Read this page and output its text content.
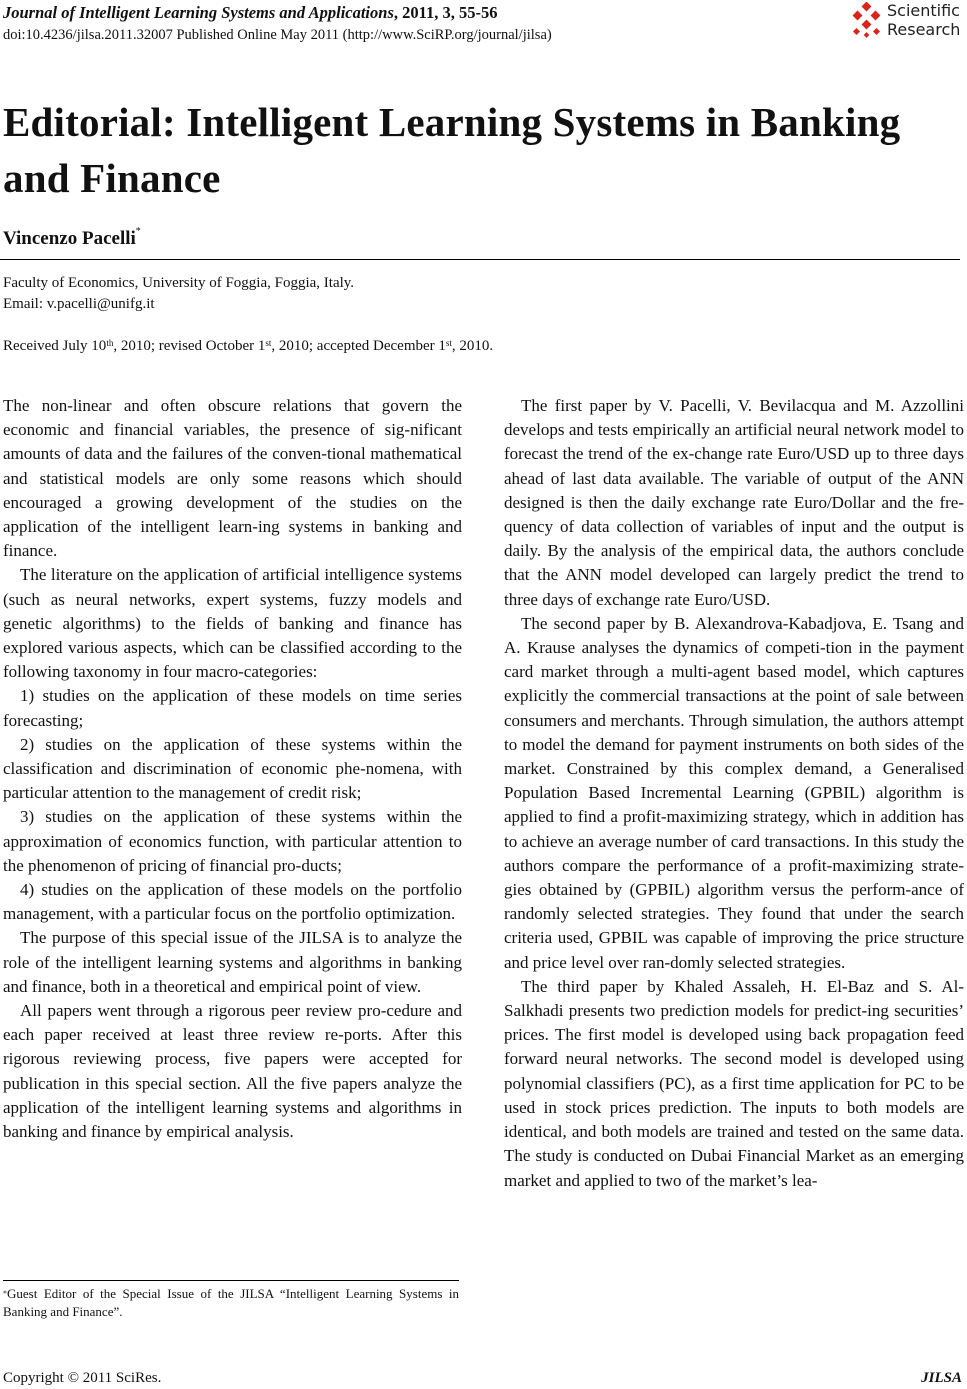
Journal of Intelligent Learning Systems and Applications, 2011, 3, 55-56
doi:10.4236/jilsa.2011.32007 Published Online May 2011 (http://www.SciRP.org/journal/jilsa)
Scientific
Research
Editorial: Intelligent Learning Systems in Banking and Finance
Vincenzo Pacelli*
Faculty of Economics, University of Foggia, Foggia, Italy.
Email: v.pacelli@unifg.it
Received July 10th, 2010; revised October 1st, 2010; accepted December 1st, 2010.

The non-linear and often obscure relations that govern the economic and financial variables, the presence of sig-nificant amounts of data and the failures of the conven-tional mathematical and statistical models are only some reasons which should encouraged a growing development of the studies on the application of the intelligent learn-ing systems in banking and finance.

The literature on the application of artificial intelligence systems (such as neural networks, expert systems, fuzzy models and genetic algorithms) to the fields of banking and finance has explored various aspects, which can be classified according to the following taxonomy in four macro-categories:

1) studies on the application of these models on time series forecasting;

2) studies on the application of these systems within the classification and discrimination of economic phe-nomena, with particular attention to the management of credit risk;

3) studies on the application of these systems within the approximation of economics function, with particular attention to the phenomenon of pricing of financial pro-ducts;

4) studies on the application of these models on the portfolio management, with a particular focus on the portfolio optimization.

The purpose of this special issue of the JILSA is to analyze the role of the intelligent learning systems and algorithms in banking and finance, both in a theoretical and empirical point of view.

All papers went through a rigorous peer review pro-cedure and each paper received at least three review re-ports. After this rigorous reviewing process, five papers were accepted for publication in this special section. All the five papers analyze the application of the intelligent learning systems and algorithms in banking and finance by empirical analysis.

*Guest Editor of the Special Issue of the JILSA “Intelligent Learning Systems in Banking and Finance”.

The first paper by V. Pacelli, V. Bevilacqua and M. Azzollini develops and tests empirically an artificial neural network model to forecast the trend of the ex-change rate Euro/USD up to three days ahead of last data available. The variable of output of the ANN designed is then the daily exchange rate Euro/Dollar and the fre-quency of data collection of variables of input and the output is daily. By the analysis of the empirical data, the authors conclude that the ANN model developed can largely predict the trend to three days of exchange rate Euro/USD.

The second paper by B. Alexandrova-Kabadjova, E. Tsang and A. Krause analyses the dynamics of competi-tion in the payment card market through a multi-agent based model, which captures explicitly the commercial transactions at the point of sale between consumers and merchants. Through simulation, the authors attempt to model the demand for payment instruments on both sides of the market. Constrained by this complex demand, a Generalised Population Based Incremental Learning (GPBIL) algorithm is applied to find a profit-maximizing strategy, which in addition has to achieve an average number of card transactions. In this study the authors compare the performance of a profit-maximizing strate-gies obtained by (GPBIL) algorithm versus the perform-ance of randomly selected strategies. They found that under the search criteria used, GPBIL was capable of improving the price structure and price level over ran-domly selected strategies.

The third paper by Khaled Assaleh, H. El-Baz and S. Al-Salkhadi presents two prediction models for predict-ing securities’ prices. The first model is developed using back propagation feed forward neural networks. The second model is developed using polynomial classifiers (PC), as a first time application for PC to be used in stock prices prediction. The inputs to both models are identical, and both models are trained and tested on the same data. The study is conducted on Dubai Financial Market as an emerging market and applied to two of the market’s lea-

Copyright © 2011 SciRes.	JILSA
